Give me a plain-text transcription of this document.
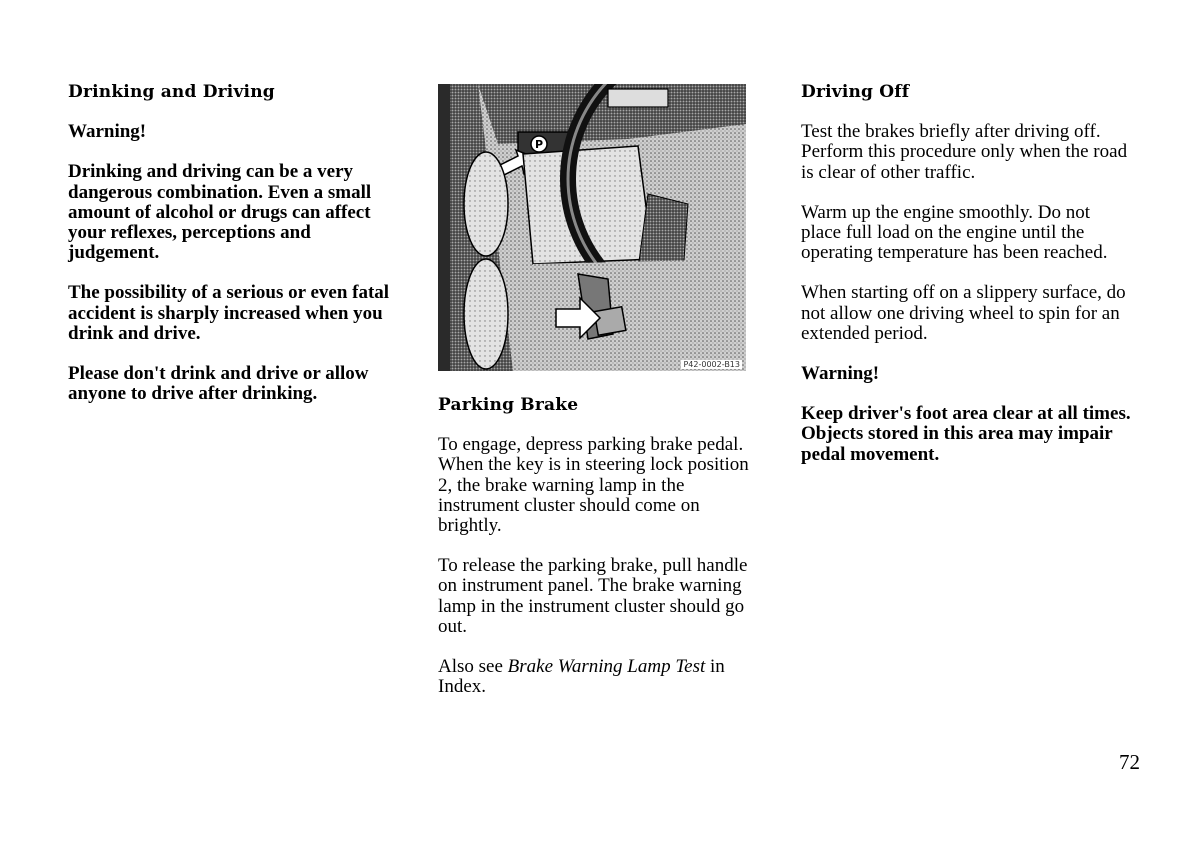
Drinking and Driving

Warning!

Drinking and driving can be a very dangerous combination. Even a small amount of alcohol or drugs can affect your reflexes, perceptions and judgement.

The possibility of a serious or even fatal accident is sharply increased when you drink and drive.

Please don't drink and drive or allow anyone to drive after drinking.

P
P42-0002-B13

Parking Brake

To engage, depress parking brake pedal. When the key is in steering lock position 2, the brake warning lamp in the instrument cluster should come on brightly.

To release the parking brake, pull handle on instrument panel. The brake warning lamp in the instrument cluster should go out.

Also see Brake Warning Lamp Test in Index.

Driving Off

Test the brakes briefly after driving off. Perform this procedure only when the road is clear of other traffic.

Warm up the engine smoothly. Do not place full load on the engine until the operating temperature has been reached.

When starting off on a slippery surface, do not allow one driving wheel to spin for an extended period.

Warning!

Keep driver's foot area clear at all times. Objects stored in this area may impair pedal movement.

72
